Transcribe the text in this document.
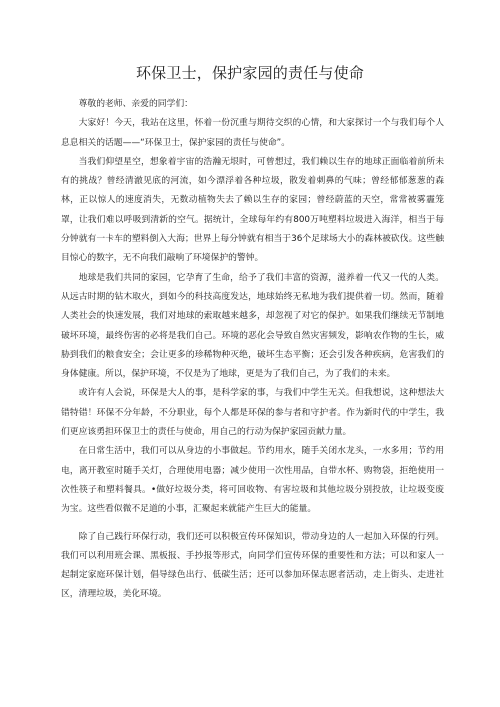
环保卫士，保护家园的责任与使命

尊敬的老师、亲爱的同学们：

大家好！今天，我站在这里，怀着一份沉重与期待交织的心情，和大家探讨一个与我们每个人息息相关的话题——“环保卫士，保护家园的责任与使命”。

当我们仰望星空，想象着宇宙的浩瀚无垠时，可曾想过，我们赖以生存的地球正面临着前所未有的挑战？曾经清澈见底的河流，如今漂浮着各种垃圾，散发着刺鼻的气味；曾经郁郁葱葱的森林，正以惊人的速度消失，无数动植物失去了赖以生存的家园；曾经蔚蓝的天空，常常被雾霾笼罩，让我们难以呼吸到清新的空气。据统计，全球每年约有800万吨塑料垃圾进入海洋，相当于每分钟就有一卡车的塑料倒入大海；世界上每分钟就有相当于36个足球场大小的森林被砍伐。这些触目惊心的数字，无不向我们敲响了环境保护的警钟。

地球是我们共同的家园，它孕育了生命，给予了我们丰富的资源，滋养着一代又一代的人类。从远古时期的钻木取火，到如今的科技高度发达，地球始终无私地为我们提供着一切。然而，随着人类社会的快速发展，我们对地球的索取越来越多，却忽视了对它的保护。如果我们继续无节制地破坏环境，最终伤害的必将是我们自己。环境的恶化会导致自然灾害频发，影响农作物的生长，威胁到我们的粮食安全；会让更多的珍稀物种灭绝，破坏生态平衡；还会引发各种疾病，危害我们的身体健康。所以，保护环境，不仅是为了地球，更是为了我们自己，为了我们的未来。

或许有人会说，环保是大人的事，是科学家的事，与我们中学生无关。但我想说，这种想法大错特错！环保不分年龄，不分职业，每个人都是环保的参与者和守护者。作为新时代的中学生，我们更应该勇担环保卫士的责任与使命，用自己的行动为保护家园贡献力量。

在日常生活中，我们可以从身边的小事做起。节约用水，随手关闭水龙头，一水多用；节约用电，离开教室时随手关灯，合理使用电器；减少使用一次性用品，自带水杯、购物袋，拒绝使用一次性筷子和塑料餐具。•做好垃圾分类，将可回收物、有害垃圾和其他垃圾分别投放，让垃圾变废为宝。这些看似微不足道的小事，汇聚起来就能产生巨大的能量。

除了自己践行环保行动，我们还可以积极宣传环保知识，带动身边的人一起加入环保的行列。我们可以利用班会课、黑板报、手抄报等形式，向同学们宣传环保的重要性和方法；可以和家人一起制定家庭环保计划，倡导绿色出行、低碳生活；还可以参加环保志愿者活动，走上街头、走进社区，清理垃圾，美化环境。
